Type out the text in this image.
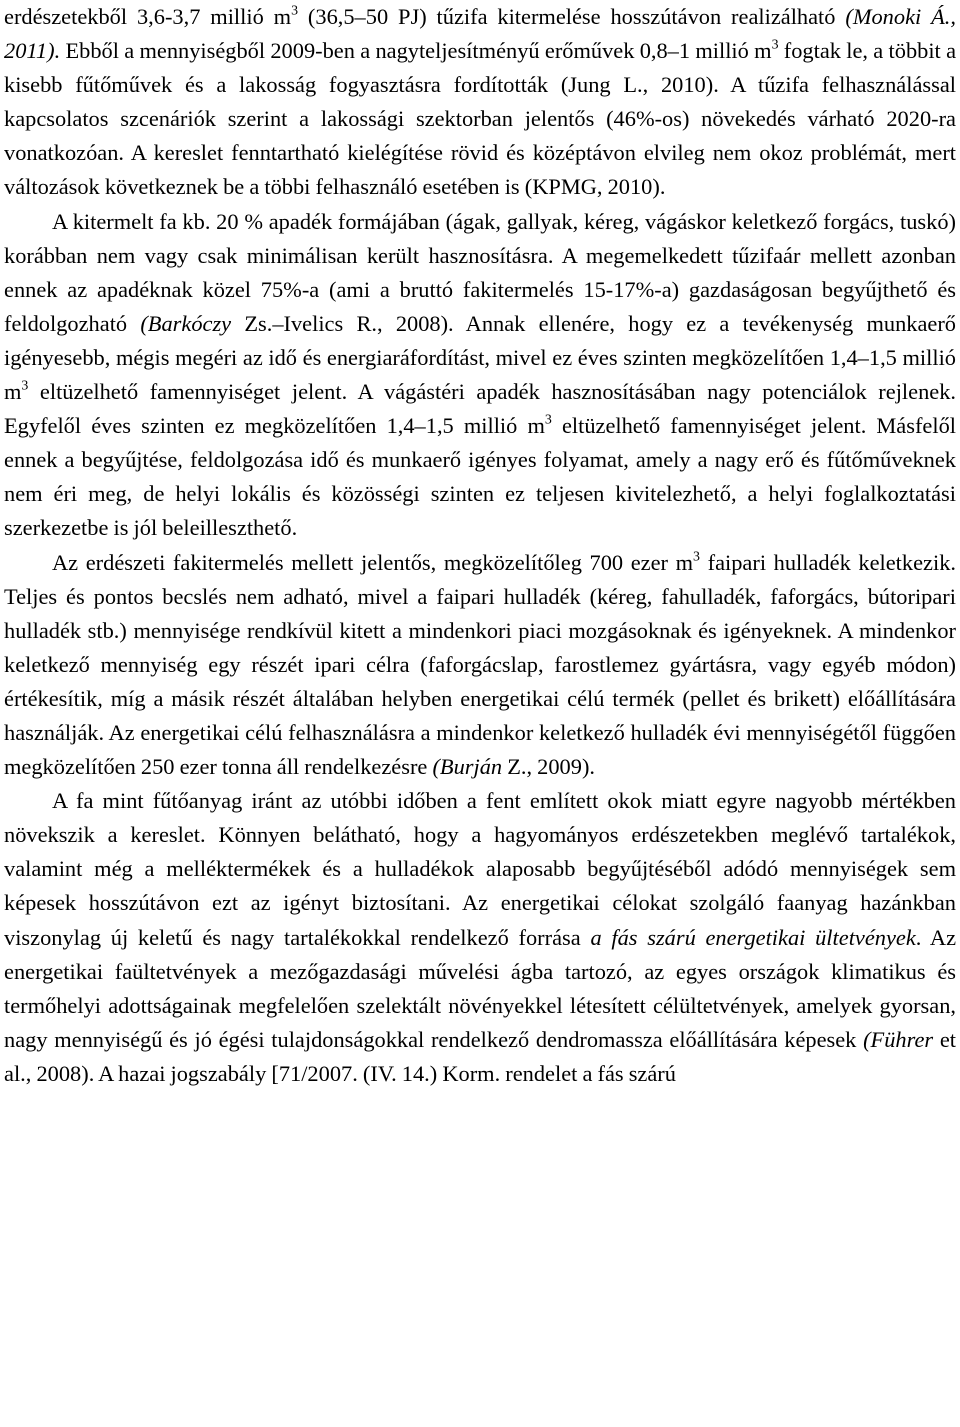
erdészetekből 3,6-3,7 millió $m^3$ (36,5–50 PJ) tűzifa kitermelése hosszútávon realizálható (Monoki Á., 2011). Ebből a mennyiségből 2009-ben a nagyteljesítményű erőművek 0,8–1 millió $m^3$ fogtak le, a többit a kisebb fűtőművek és a lakosság fogyasztásra fordították (Jung L., 2010). A tűzifa felhasználással kapcsolatos szcenáriók szerint a lakossági szektorban jelentős (46%-os) növekedés várható 2020-ra vonatkozóan. A kereslet fenntartható kielégítése rövid és középtávon elvileg nem okoz problémát, mert változások következnek be a többi felhasználó esetében is (KPMG, 2010).

A kitermelt fa kb. 20 % apadék formájában (ágak, gallyak, kéreg, vágáskor keletkező forgács, tuskó) korábban nem vagy csak minimálisan került hasznosításra. A megemelkedett tűzifaár mellett azonban ennek az apadéknak közel 75%-a (ami a bruttó fakitermelés 15-17%-a) gazdaságosan begyűjthető és feldolgozható (Barkóczy Zs.–Ivelics R., 2008). Annak ellenére, hogy ez a tevékenység munkaerő igényesebb, mégis megéri az idő és energiaráfordítást, mivel ez éves szinten megközelítően 1,4–1,5 millió $m^3$ eltüzelhető famennyiséget jelent. A vágástéri apadék hasznosításában nagy potenciálok rejlenek. Egyfelől éves szinten ez megközelítően 1,4–1,5 millió $m^3$ eltüzelhető famennyiséget jelent. Másfelől ennek a begyűjtése, feldolgozása idő és munkaerő igényes folyamat, amely a nagy erő és fűtőműveknek nem éri meg, de helyi lokális és közösségi szinten ez teljesen kivitelezhető, a helyi foglalkoztatási szerkezetbe is jól beleilleszthető.

Az erdészeti fakitermelés mellett jelentős, megközelítőleg 700 ezer $m^3$ faipari hulladék keletkezik. Teljes és pontos becslés nem adható, mivel a faipari hulladék (kéreg, fahulladék, faforgács, bútoripari hulladék stb.) mennyisége rendkívül kitett a mindenkori piaci mozgásoknak és igényeknek. A mindenkor keletkező mennyiség egy részét ipari célra (faforgácslap, farostlemez gyártásra, vagy egyéb módon) értékesítik, míg a másik részét általában helyben energetikai célú termék (pellet és brikett) előállítására használják. Az energetikai célú felhasználásra a mindenkor keletkező hulladék évi mennyiségétől függően megközelítően 250 ezer tonna áll rendelkezésre (Burján Z., 2009).

A fa mint fűtőanyag iránt az utóbbi időben a fent említett okok miatt egyre nagyobb mértékben növekszik a kereslet. Könnyen belátható, hogy a hagyományos erdészetekben meglévő tartalékok, valamint még a melléktermékek és a hulladékok alaposabb begyűjtéséből adódó mennyiségek sem képesek hosszútávon ezt az igényt biztosítani. Az energetikai célokat szolgáló faanyag hazánkban viszonylag új keletű és nagy tartalékokkal rendelkező forrása a fás szárú energetikai ültetvények. Az energetikai faültetvények a mezőgazdasági művelési ágba tartozó, az egyes országok klimatikus és termőhelyi adottságainak megfelelően szelektált növényekkel létesített célültetvények, amelyek gyorsan, nagy mennyiségű és jó égési tulajdonságokkal rendelkező dendromassza előállítására képesek (Führer et al., 2008). A hazai jogszabály [71/2007. (IV. 14.) Korm. rendelet a fás szárú
